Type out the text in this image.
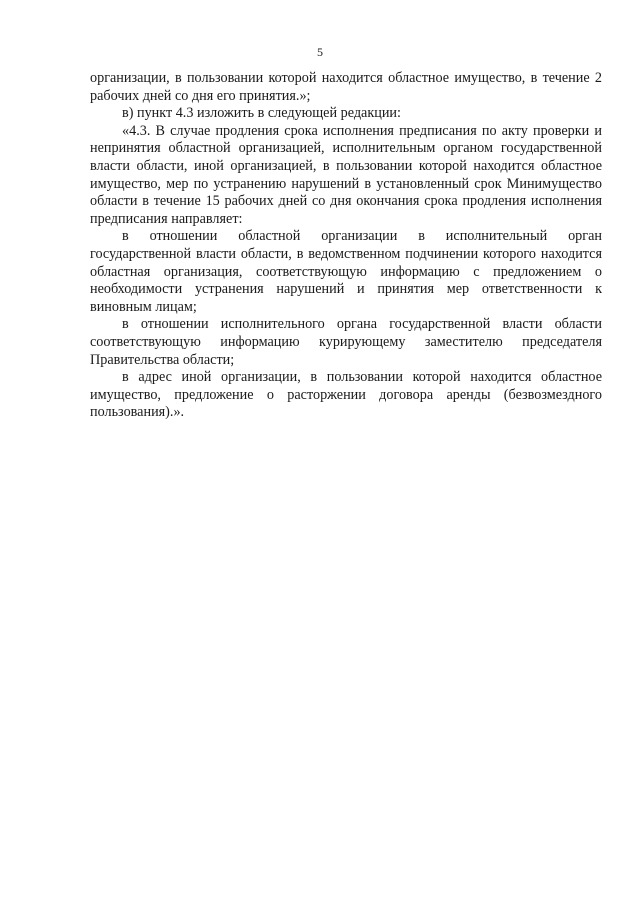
5

организации, в пользовании которой находится областное имущество, в течение 2 рабочих дней со дня его принятия.»;

в) пункт 4.3 изложить в следующей редакции:

«4.3. В случае продления срока исполнения предписания по акту проверки и непринятия областной организацией, исполнительным органом государственной власти области, иной организацией, в пользовании которой находится областное имущество, мер по устранению нарушений в установленный срок Минимущество области в течение 15 рабочих дней со дня окончания срока продления исполнения предписания направляет:

в отношении областной организации в исполнительный орган государственной власти области, в ведомственном подчинении которого находится областная организация, соответствующую информацию с предложением о необходимости устранения нарушений и принятия мер ответственности к виновным лицам;

в отношении исполнительного органа государственной власти области соответствующую информацию курирующему заместителю председателя Правительства области;

в адрес иной организации, в пользовании которой находится областное имущество, предложение о расторжении договора аренды (безвозмездного пользования).».
